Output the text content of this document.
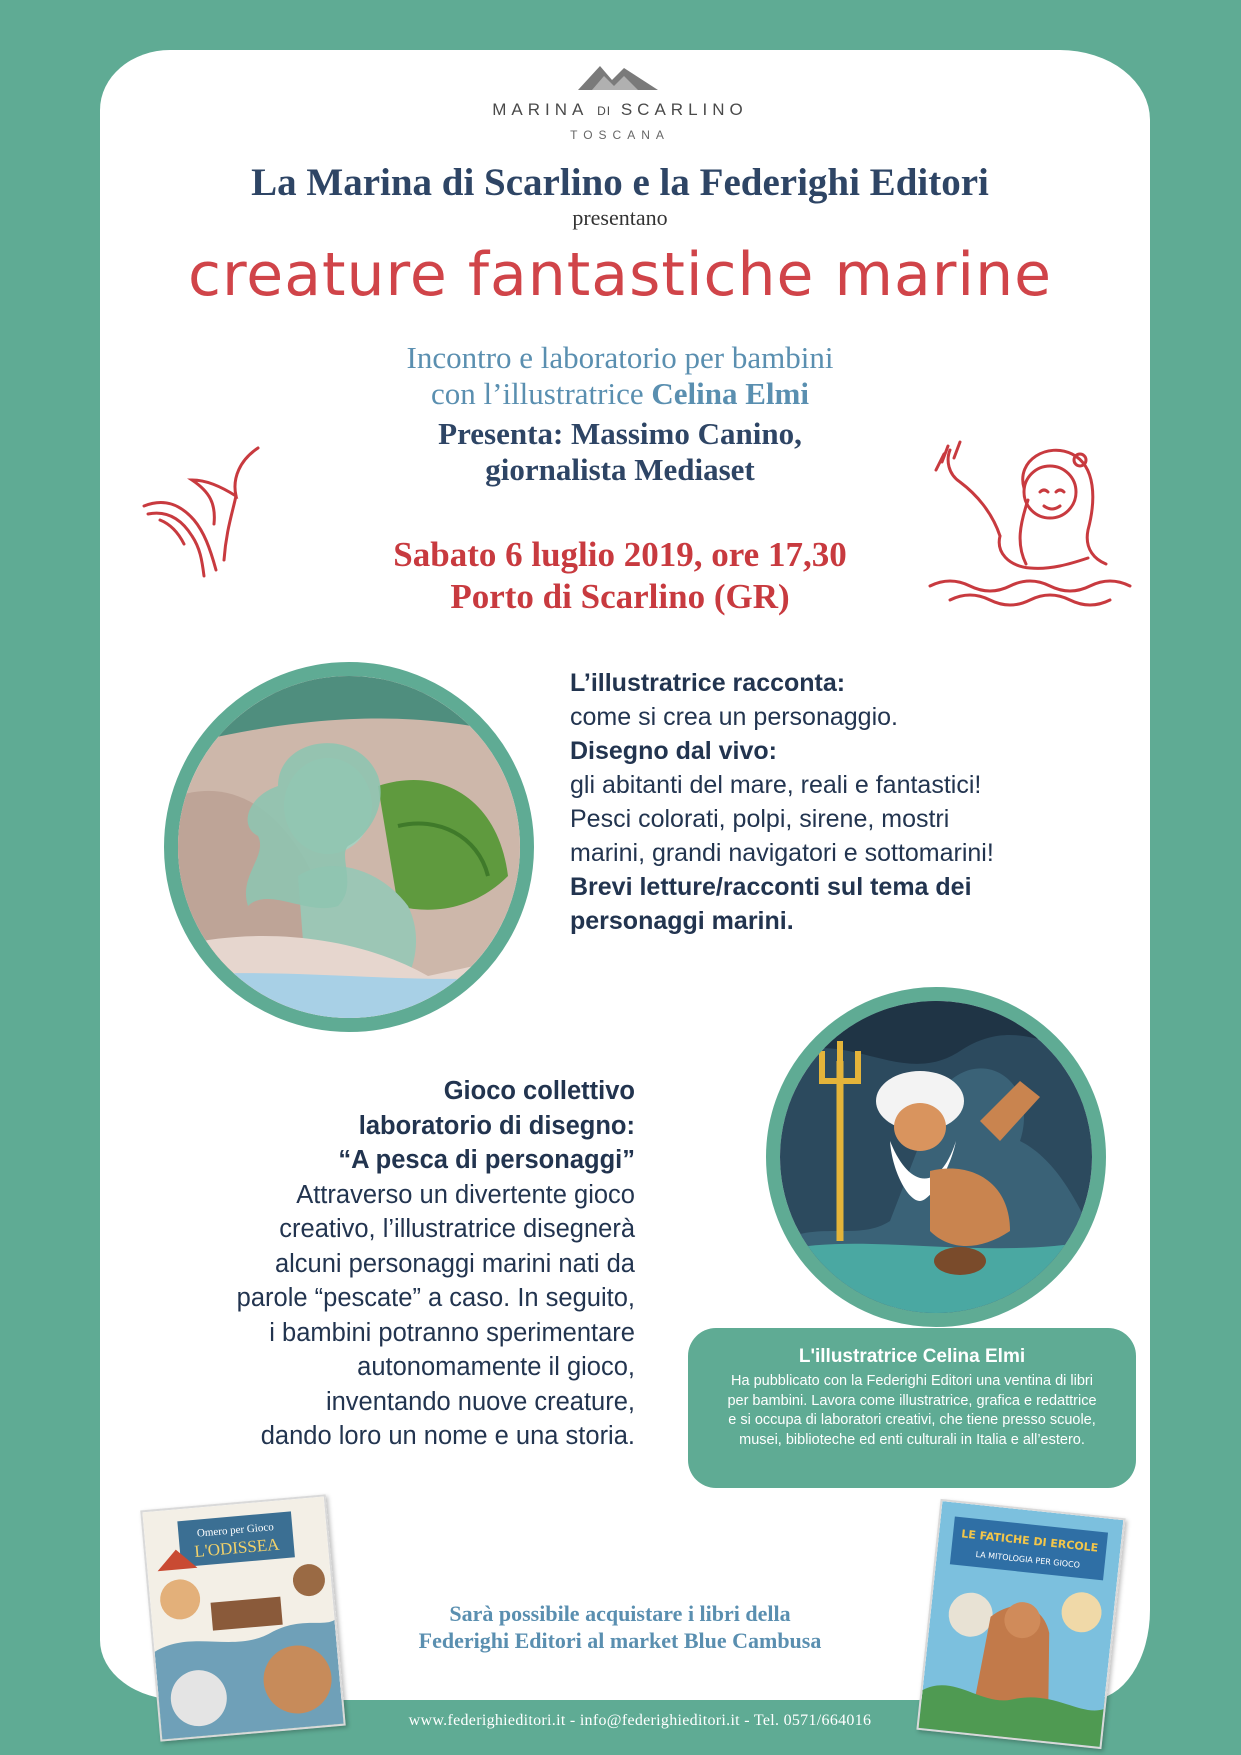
MARINA DI SCARLINO
TOSCANA
La Marina di Scarlino e la Federighi Editori
presentano
creature fantastiche marine
Incontro e laboratorio per bambini
con l’illustratrice Celina Elmi
Presenta: Massimo Canino,
giornalista Mediaset
Sabato 6 luglio 2019, ore 17,30
Porto di Scarlino (GR)
L’illustratrice racconta:
come si crea un personaggio.
Disegno dal vivo:
gli abitanti del mare, reali e fantastici!
Pesci colorati, polpi, sirene, mostri
marini, grandi navigatori e sottomarini!
Brevi letture/racconti sul tema dei
personaggi marini.
Gioco collettivo
laboratorio di disegno:
“A pesca di personaggi”
Attraverso un divertente gioco
creativo, l’illustratrice disegnerà
alcuni personaggi marini nati da
parole “pescate” a caso. In seguito,
i bambini potranno sperimentare
autonomamente il gioco,
inventando nuove creature,
dando loro un nome e una storia.
L'illustratrice Celina Elmi
Ha pubblicato con la Federighi Editori una ventina di libri
per bambini. Lavora come illustratrice, grafica e redattrice
e si occupa di laboratori creativi, che tiene presso scuole,
musei, biblioteche ed enti culturali in Italia e all’estero.
Omero per Gioco
L'ODISSEA	LE FATICHE DI ERCOLE
LA MITOLOGIA PER GIOCO
Sarà possibile acquistare i libri della
Federighi Editori al market Blue Cambusa
www.federighieditori.it - info@federighieditori.it - Tel. 0571/664016
